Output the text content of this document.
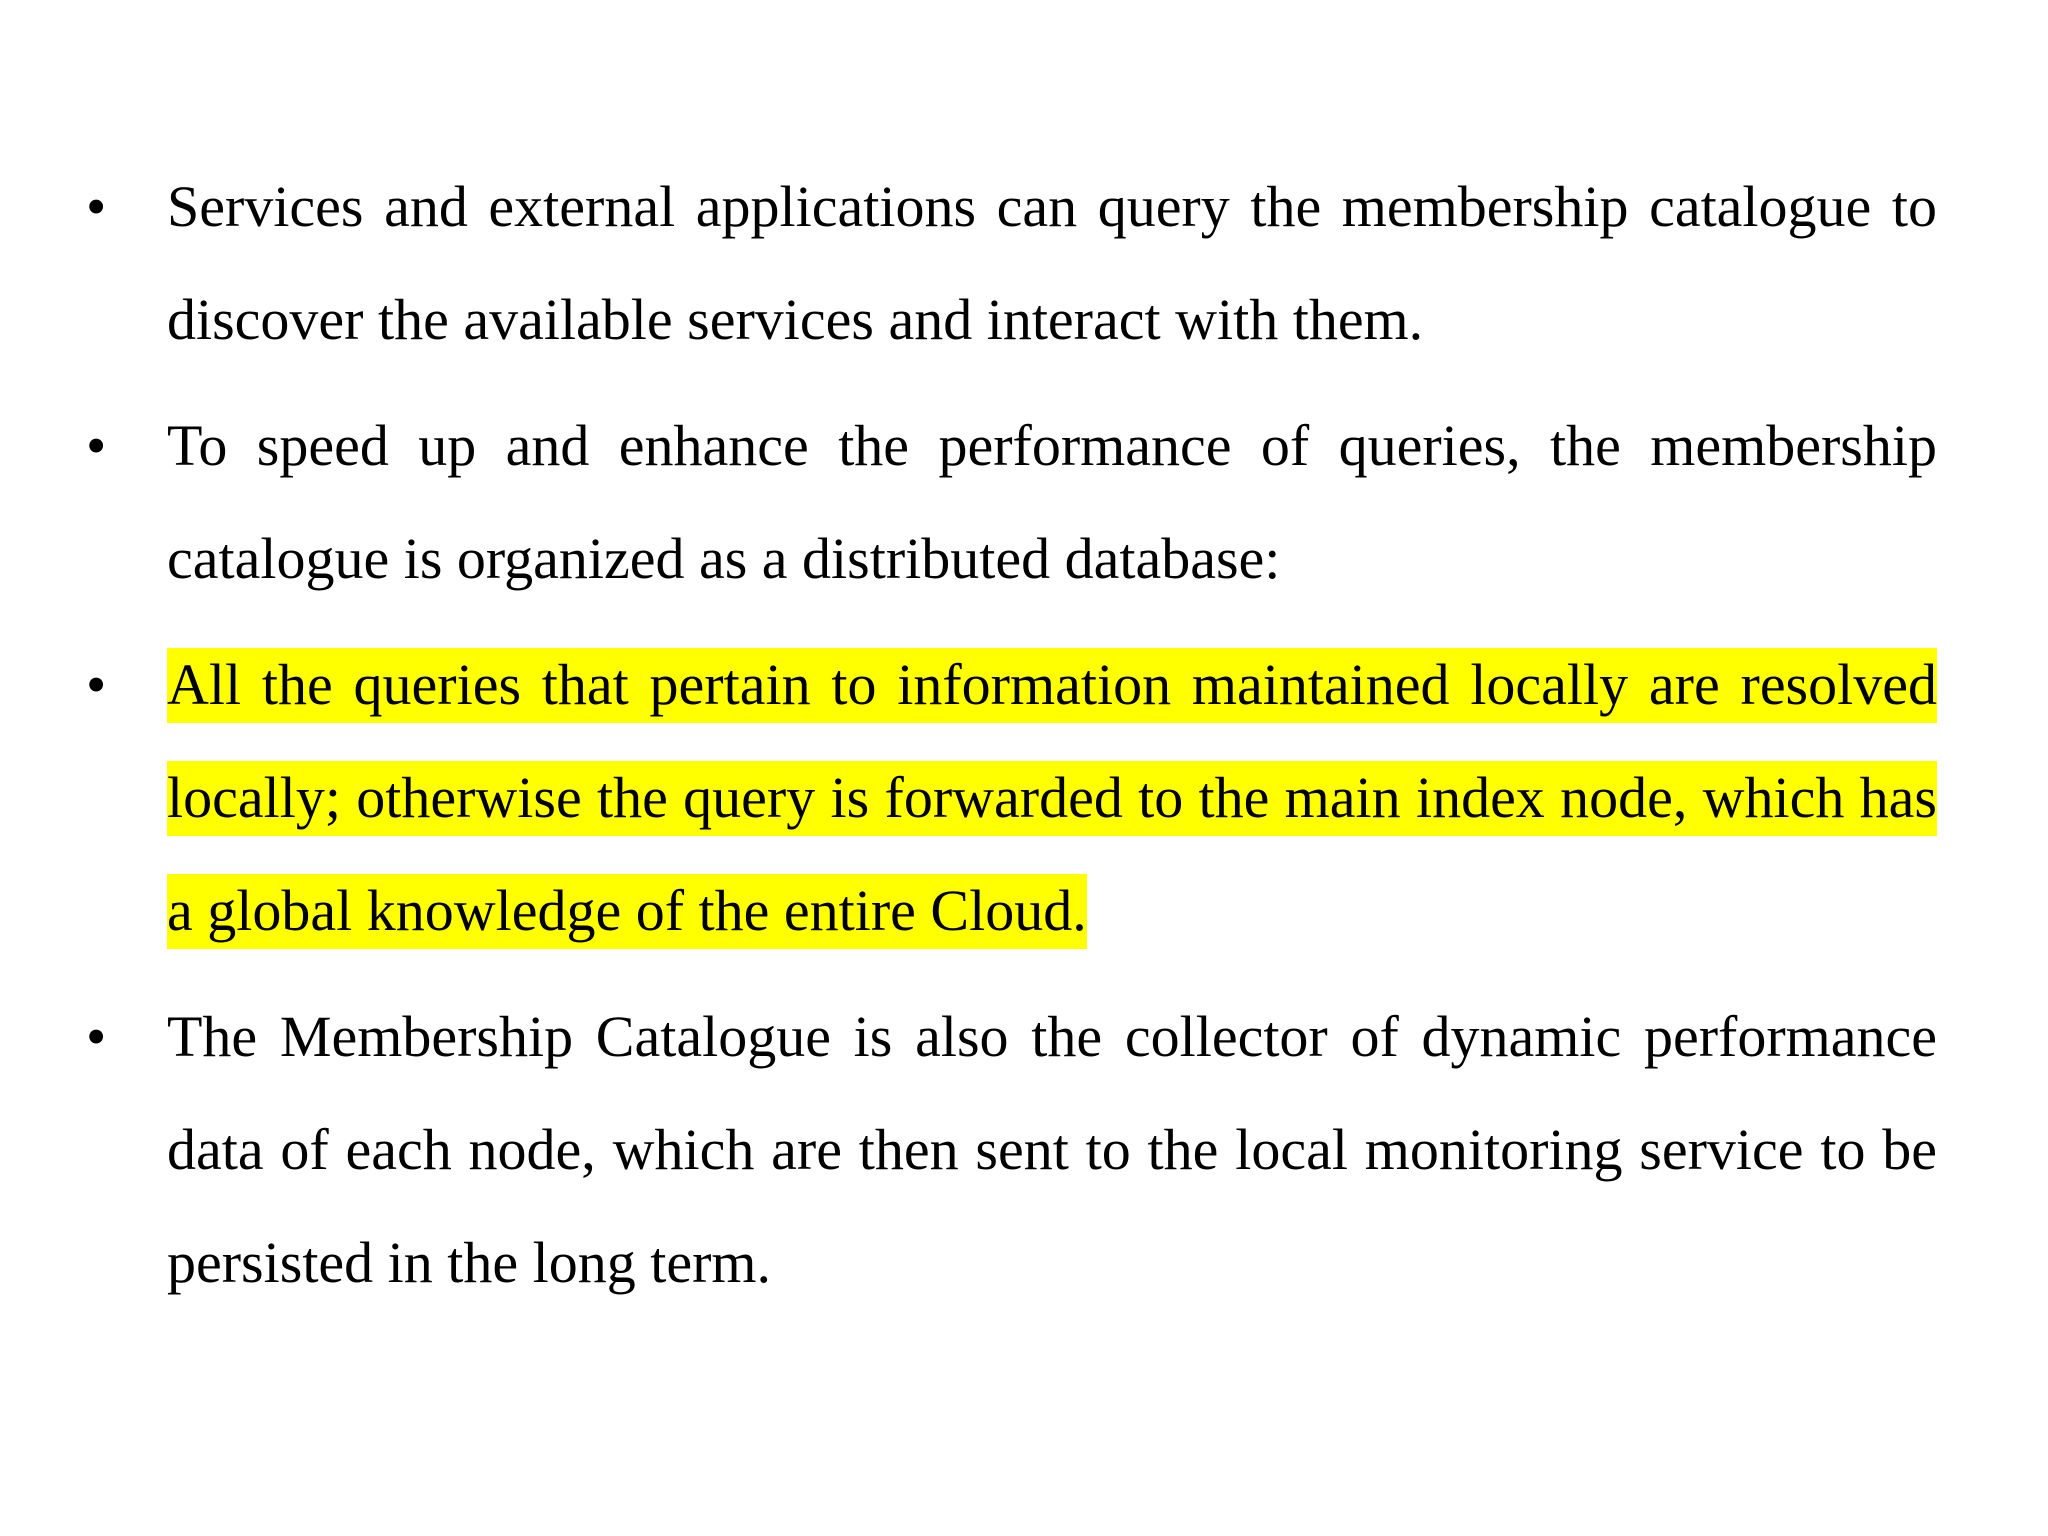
• Services and external applications can query the membership catalogue to discover the available services and interact with them.
• To speed up and enhance the performance of queries, the membership catalogue is organized as a distributed database:
• All the queries that pertain to information maintained locally are resolved locally; otherwise the query is forwarded to the main index node, which has a global knowledge of the entire Cloud.
• The Membership Catalogue is also the collector of dynamic performance data of each node, which are then sent to the local monitoring service to be persisted in the long term.
